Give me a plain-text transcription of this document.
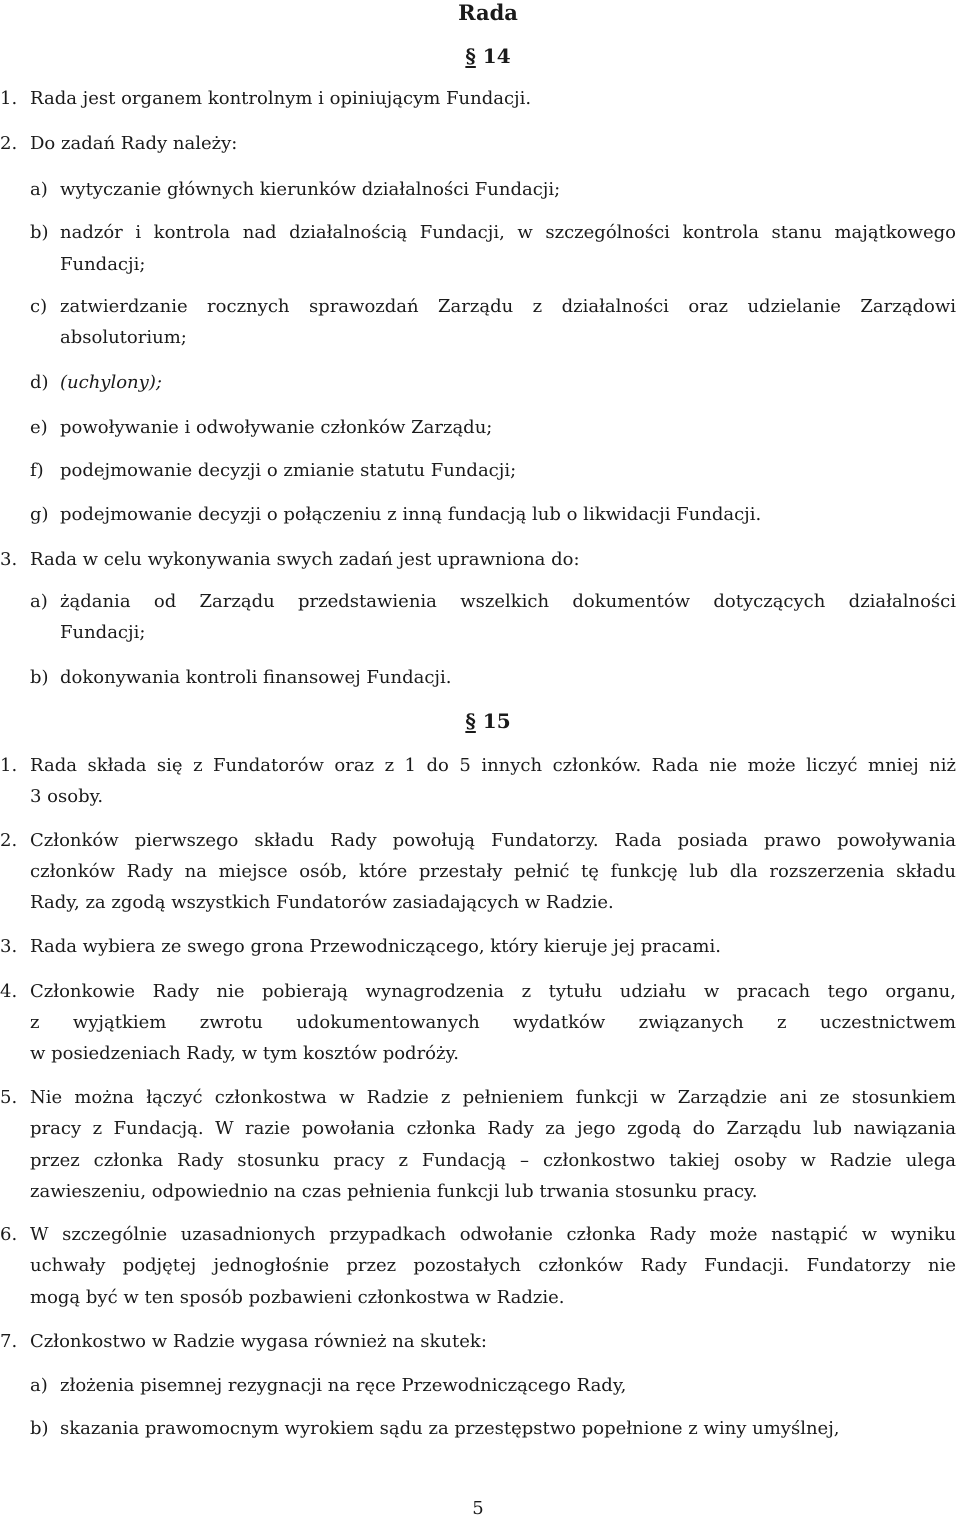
Rada
§ 14
1. Rada jest organem kontrolnym i opiniującym Fundacji.
2. Do zadań Rady należy:
a) wytyczanie głównych kierunków działalności Fundacji;
b) nadzór i kontrola nad działalnością Fundacji, w szczególności kontrola stanu majątkowego
Fundacji;
c) zatwierdzanie rocznych sprawozdań Zarządu z działalności oraz udzielanie Zarządowi
absolutorium;
d) (uchylony);
e) powoływanie i odwoływanie członków Zarządu;
f) podejmowanie decyzji o zmianie statutu Fundacji;
g) podejmowanie decyzji o połączeniu z inną fundacją lub o likwidacji Fundacji.
3. Rada w celu wykonywania swych zadań jest uprawniona do:
a) żądania od Zarządu przedstawienia wszelkich dokumentów dotyczących działalności
Fundacji;
b) dokonywania kontroli finansowej Fundacji.
§ 15
1. Rada składa się z Fundatorów oraz z 1 do 5 innych członków. Rada nie może liczyć mniej niż
3 osoby.
2. Członków pierwszego składu Rady powołują Fundatorzy. Rada posiada prawo powoływania
członków Rady na miejsce osób, które przestały pełnić tę funkcję lub dla rozszerzenia składu
Rady, za zgodą wszystkich Fundatorów zasiadających w Radzie.
3. Rada wybiera ze swego grona Przewodniczącego, który kieruje jej pracami.
4. Członkowie Rady nie pobierają wynagrodzenia z tytułu udziału w pracach tego organu,
z wyjątkiem zwrotu udokumentowanych wydatków związanych z uczestnictwem
w posiedzeniach Rady, w tym kosztów podróży.
5. Nie można łączyć członkostwa w Radzie z pełnieniem funkcji w Zarządzie ani ze stosunkiem
pracy z Fundacją. W razie powołania członka Rady za jego zgodą do Zarządu lub nawiązania
przez członka Rady stosunku pracy z Fundacją – członkostwo takiej osoby w Radzie ulega
zawieszeniu, odpowiednio na czas pełnienia funkcji lub trwania stosunku pracy.
6. W szczególnie uzasadnionych przypadkach odwołanie członka Rady może nastąpić w wyniku
uchwały podjętej jednogłośnie przez pozostałych członków Rady Fundacji. Fundatorzy nie
mogą być w ten sposób pozbawieni członkostwa w Radzie.
7. Członkostwo w Radzie wygasa również na skutek:
a) złożenia pisemnej rezygnacji na ręce Przewodniczącego Rady,
b) skazania prawomocnym wyrokiem sądu za przestępstwo popełnione z winy umyślnej,
5
